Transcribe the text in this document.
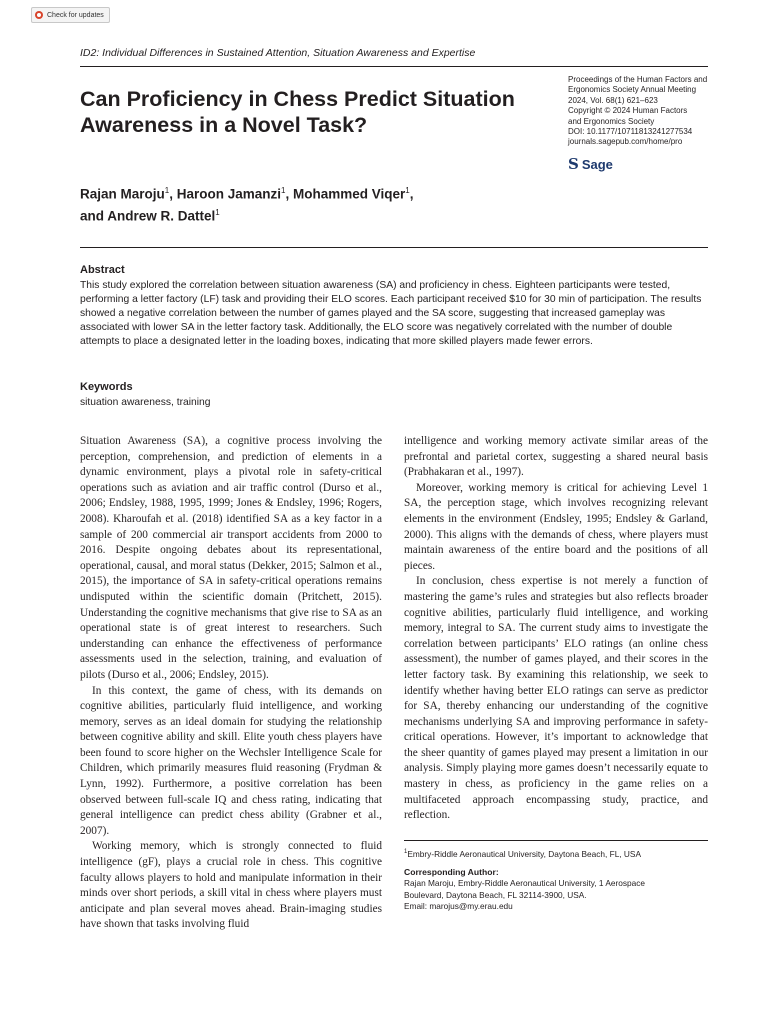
Check for updates
ID2: Individual Differences in Sustained Attention, Situation Awareness and Expertise
Can Proficiency in Chess Predict Situation Awareness in a Novel Task?
Proceedings of the Human Factors and
Ergonomics Society Annual Meeting
2024, Vol. 68(1) 621–623
Copyright © 2024 Human Factors
and Ergonomics Society
DOI: 10.1177/10711813241277534
journals.sagepub.com/home/pro
S Sage
Rajan Maroju$^1$, Haroon Jamanzi$^1$, Mohammed Viqer$^1$,
and Andrew R. Dattel$^1$
Abstract
This study explored the correlation between situation awareness (SA) and proficiency in chess. Eighteen participants were tested, performing a letter factory (LF) task and providing their ELO scores. Each participant received $10 for 30 min of participation. The results showed a negative correlation between the number of games played and the SA score, suggesting that increased gameplay was associated with lower SA in the letter factory task. Additionally, the ELO score was negatively correlated with the number of double attempts to place a designated letter in the loading boxes, indicating that more skilled players made fewer errors.
Keywords
situation awareness, training

Situation Awareness (SA), a cognitive process involving the perception, comprehension, and prediction of elements in a dynamic environment, plays a pivotal role in safety-critical operations such as aviation and air traffic control (Durso et al., 2006; Endsley, 1988, 1995, 1999; Jones & Endsley, 1996; Rogers, 2008). Kharoufah et al. (2018) identified SA as a key factor in a sample of 200 commercial air transport accidents from 2000 to 2016. Despite ongoing debates about its representational, operational, causal, and moral status (Dekker, 2015; Salmon et al., 2015), the importance of SA in safety-critical operations remains undisputed within the scientific domain (Pritchett, 2015). Understanding the cognitive mechanisms that give rise to SA as an operational state is of great interest to researchers. Such understanding can enhance the effectiveness of performance assessments used in the selection, training, and evaluation of pilots (Durso et al., 2006; Endsley, 2015).

In this context, the game of chess, with its demands on cognitive abilities, particularly fluid intelligence, and working memory, serves as an ideal domain for studying the relationship between cognitive ability and skill. Elite youth chess players have been found to score higher on the Wechsler Intelligence Scale for Children, which primarily measures fluid reasoning (Frydman & Lynn, 1992). Furthermore, a positive correlation has been observed between full-scale IQ and chess rating, indicating that general intelligence can predict chess ability (Grabner et al., 2007).

Working memory, which is strongly connected to fluid intelligence (gF), plays a crucial role in chess. This cognitive faculty allows players to hold and manipulate information in their minds over short periods, a skill vital in chess where players must anticipate and plan several moves ahead. Brain-imaging studies have shown that tasks involving fluid

intelligence and working memory activate similar areas of the prefrontal and parietal cortex, suggesting a shared neural basis (Prabhakaran et al., 1997).

Moreover, working memory is critical for achieving Level 1 SA, the perception stage, which involves recognizing relevant elements in the environment (Endsley, 1995; Endsley & Garland, 2000). This aligns with the demands of chess, where players must maintain awareness of the entire board and the positions of all pieces.

In conclusion, chess expertise is not merely a function of mastering the game’s rules and strategies but also reflects broader cognitive abilities, particularly fluid intelligence, and working memory, integral to SA. The current study aims to investigate the correlation between participants’ ELO ratings (an online chess assessment), the number of games played, and their scores in the letter factory task. By examining this relationship, we seek to identify whether having better ELO ratings can serve as predictor for SA, thereby enhancing our understanding of the cognitive mechanisms underlying SA and improving performance in safety-critical operations. However, it’s important to acknowledge that the sheer quantity of games played may present a limitation in our analysis. Simply playing more games doesn’t necessarily equate to mastery in chess, as proficiency in the game relies on a multifaceted approach encompassing study, practice, and reflection.

$^1$Embry-Riddle Aeronautical University, Daytona Beach, FL, USA
Corresponding Author:
Rajan Maroju, Embry-Riddle Aeronautical University, 1 Aerospace
Boulevard, Daytona Beach, FL 32114-3900, USA.
Email: marojus@my.erau.edu
